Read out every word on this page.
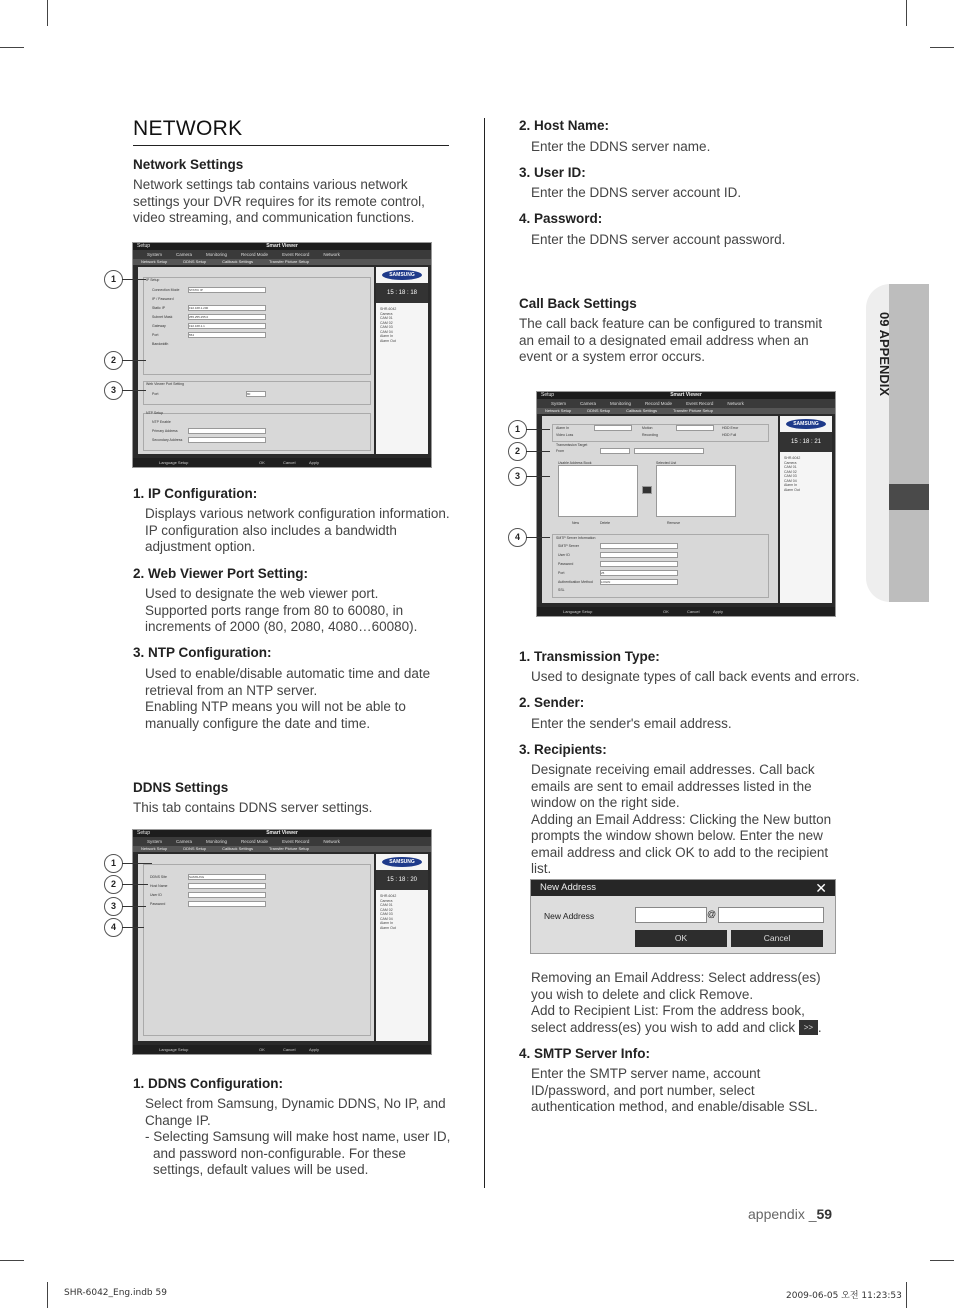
09 APPENDIX
NETWORK
Network Settings

Network settings tab contains various network settings your DVR requires for its remote control, video streaming, and communication functions.

Setup	Smart Viewer
System	Camera	Monitoring	Record Mode	Event Record	Network
Network Setup	DDNS Setup	Callback Settings	Transfer Picture Setup
IP Setup
Connection Mode	STATIC IP
IP / Password
Static IP	192.168.1.200
Subnet Mask	255.255.255.0
Gateway	192.168.1.1
Port	554
Bandwidth
Web Viewer Port Setting
Port	80
NTP Setup
NTP Enable
Primary Address
Secondary Address
SAMSUNG
15 : 18 : 18
SHR-6042
Camera
CAM 01
CAM 02
CAM 03
CAM 04
Alarm In
Alarm Out
Language Setup	OK	Cancel	Apply
1
2
3
1. IP Configuration:

Displays various network configuration information.

IP configuration also includes a bandwidth adjustment option.

2. Web Viewer Port Setting:

Used to designate the web viewer port.

Supported ports range from 80 to 60080, in increments of 2000 (80, 2080, 4080…60080).

3. NTP Configuration:

Used to enable/disable automatic time and date retrieval from an NTP server.

Enabling NTP means you will not be able to manually configure the date and time.

DDNS Settings

This tab contains DDNS server settings.

Setup	Smart Viewer
System	Camera	Monitoring	Record Mode	Event Record	Network
Network Setup	DDNS Setup	Callback Settings	Transfer Picture Setup
DDNS Site	SAMSUNG
Host Name
User ID
Password
SAMSUNG
15 : 18 : 20
SHR-6042
Camera
CAM 01
CAM 02
CAM 03
CAM 04
Alarm In
Alarm Out
Language Setup	OK	Cancel	Apply
1
2
3
4
1. DDNS Configuration:

Select from Samsung, Dynamic DDNS, No IP, and Change IP.

- Selecting Samsung will make host name, user ID, and password non-configurable. For these settings, default values will be used.

2. Host Name:

Enter the DDNS server name.

3. User ID:

Enter the DDNS server account ID.

4. Password:

Enter the DDNS server account password.

Call Back Settings

The call back feature can be configured to transmit an email to a designated email address when an event or a system error occurs.

Setup	Smart Viewer
System	Camera	Monitoring	Record Mode	Event Record	Network
Network Setup	DDNS Setup	Callback Settings	Transfer Picture Setup
Alarm In
Video Loss
Motion
Recording
HDD Error
HDD Full
Transmission Target
From
Usable Address Book	Selected List
New	Delete	Remove
SMTP Server Information
SMTP Server
User ID
Password
Port	25
Authentication Method	LOGIN
SSL
SAMSUNG
15 : 18 : 21
SHR-6042
Camera
CAM 01
CAM 02
CAM 03
CAM 04
Alarm In
Alarm Out
Language Setup	OK	Cancel	Apply
1
2
3
4
1. Transmission Type:

Used to designate types of call back events and errors.

2. Sender:

Enter the sender's email address.

3. Recipients:

Designate receiving email addresses. Call back emails are sent to email addresses listed in the window on the right side.

Adding an Email Address: Clicking the New button prompts the window shown below. Enter the new email address and click OK to add to the recipient list.

New Address	✕
New Address	@
OK	Cancel

Removing an Email Address: Select address(es) you wish to delete and click Remove.

Add to Recipient List: From the address book, select address(es) you wish to add and click >> .

4. SMTP Server Info:

Enter the SMTP server name, account ID/password, and port number, select authentication method, and enable/disable SSL.

appendix _59
SHR-6042_Eng.indb 59	2009-06-05 오전 11:23:53
